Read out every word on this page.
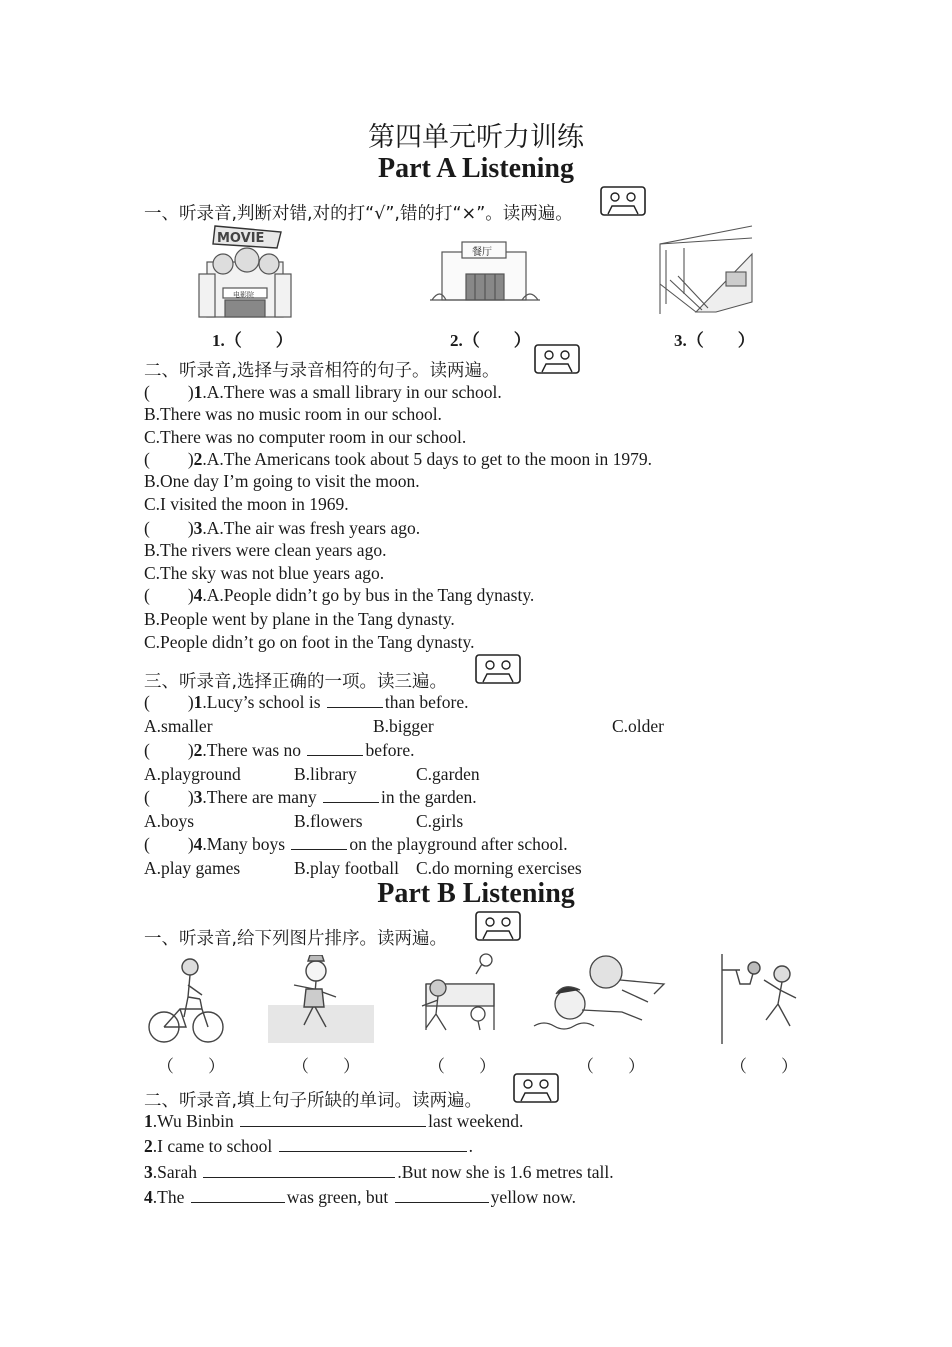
第四单元听力训练
Part A Listening
一、听录音,判断对错,对的打“√”,错的打“×”。读两遍。
MOVIE
电影院
餐厅
1.（　　）	2.（　　）	3.（　　）
二、听录音,选择与录音相符的句子。读两遍。
( )1.A.There was a small library in our school.
B.There was no music room in our school.
C.There was no computer room in our school.
( )2.A.The Americans took about 5 days to get to the moon in 1979.
B.One day I’m going to visit the moon.
C.I visited the moon in 1969.
( )3.A.The air was fresh years ago.
B.The rivers were clean years ago.
C.The sky was not blue years ago.
( )4.A.People didn’t go by bus in the Tang dynasty.
B.People went by plane in the Tang dynasty.
C.People didn’t go on foot in the Tang dynasty.
三、听录音,选择正确的一项。读三遍。
( )1.Lucy’s school is	than before.
A.smaller	B.bigger	C.older
( )2.There was no	before.
A.playground	B.library	C.garden
( )3.There are many	in the garden.
A.boys	B.flowers	C.girls
( )4.Many boys	on the playground after school.
A.play games	B.play football C.do morning exercises
Part B Listening
一、听录音,给下列图片排序。读两遍。
（　　）	（　　）	（　　）	（　　）	（　　）
二、听录音,填上句子所缺的单词。读两遍。
1.Wu Binbin	last weekend.
2.I came to school	.
3.Sarah	.But now she is 1.6 metres tall.
4.The	was green, but	yellow now.
